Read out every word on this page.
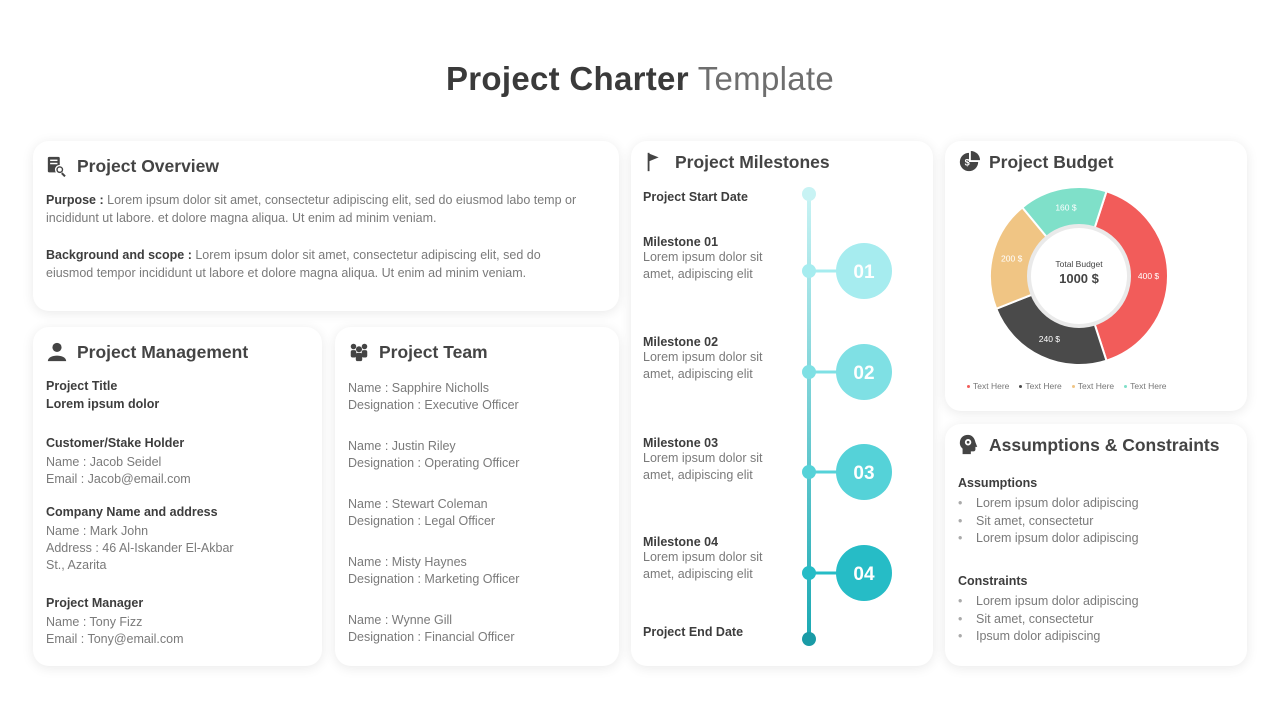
Project Charter Template
Project Overview
Purpose : Lorem ipsum dolor sit amet, consectetur adipiscing elit, sed do eiusmod labo temp or incididunt ut labore. et dolore magna aliqua. Ut enim ad minim veniam.
Background and scope : Lorem ipsum dolor sit amet, consectetur adipiscing elit, sed do eiusmod tempor incididunt ut labore et dolore magna aliqua. Ut enim ad minim veniam.
Project Management
Project Title
Lorem ipsum dolor
Customer/Stake Holder
Name : Jacob Seidel
Email : Jacob@email.com
Company Name and address
Name : Mark John
Address : 46 Al-Iskander El-Akbar
St., Azarita
Project Manager
Name : Tony Fizz
Email : Tony@email.com
Project Team
Name : Sapphire Nicholls
Designation : Executive Officer
Name : Justin Riley
Designation : Operating Officer
Name : Stewart Coleman
Designation : Legal Officer
Name : Misty Haynes
Designation : Marketing Officer
Name : Wynne Gill
Designation : Financial Officer
Project Milestones
01
02
03
04
Project Start Date
Milestone 01
Lorem ipsum dolor sit amet, adipiscing elit
Milestone 02
Lorem ipsum dolor sit amet, adipiscing elit
Milestone 03
Lorem ipsum dolor sit amet, adipiscing elit
Milestone 04
Lorem ipsum dolor sit amet, adipiscing elit
Project End Date
$ Project Budget
400 $
240 $
200 $
160 $
Total Budget
1000 $
Text Here	Text Here	Text Here	Text Here
Assumptions & Constraints
Assumptions
• Lorem ipsum dolor adipiscing
• Sit amet, consectetur
• Lorem ipsum dolor adipiscing
Constraints
• Lorem ipsum dolor adipiscing
• Sit amet, consectetur
• Ipsum dolor adipiscing
